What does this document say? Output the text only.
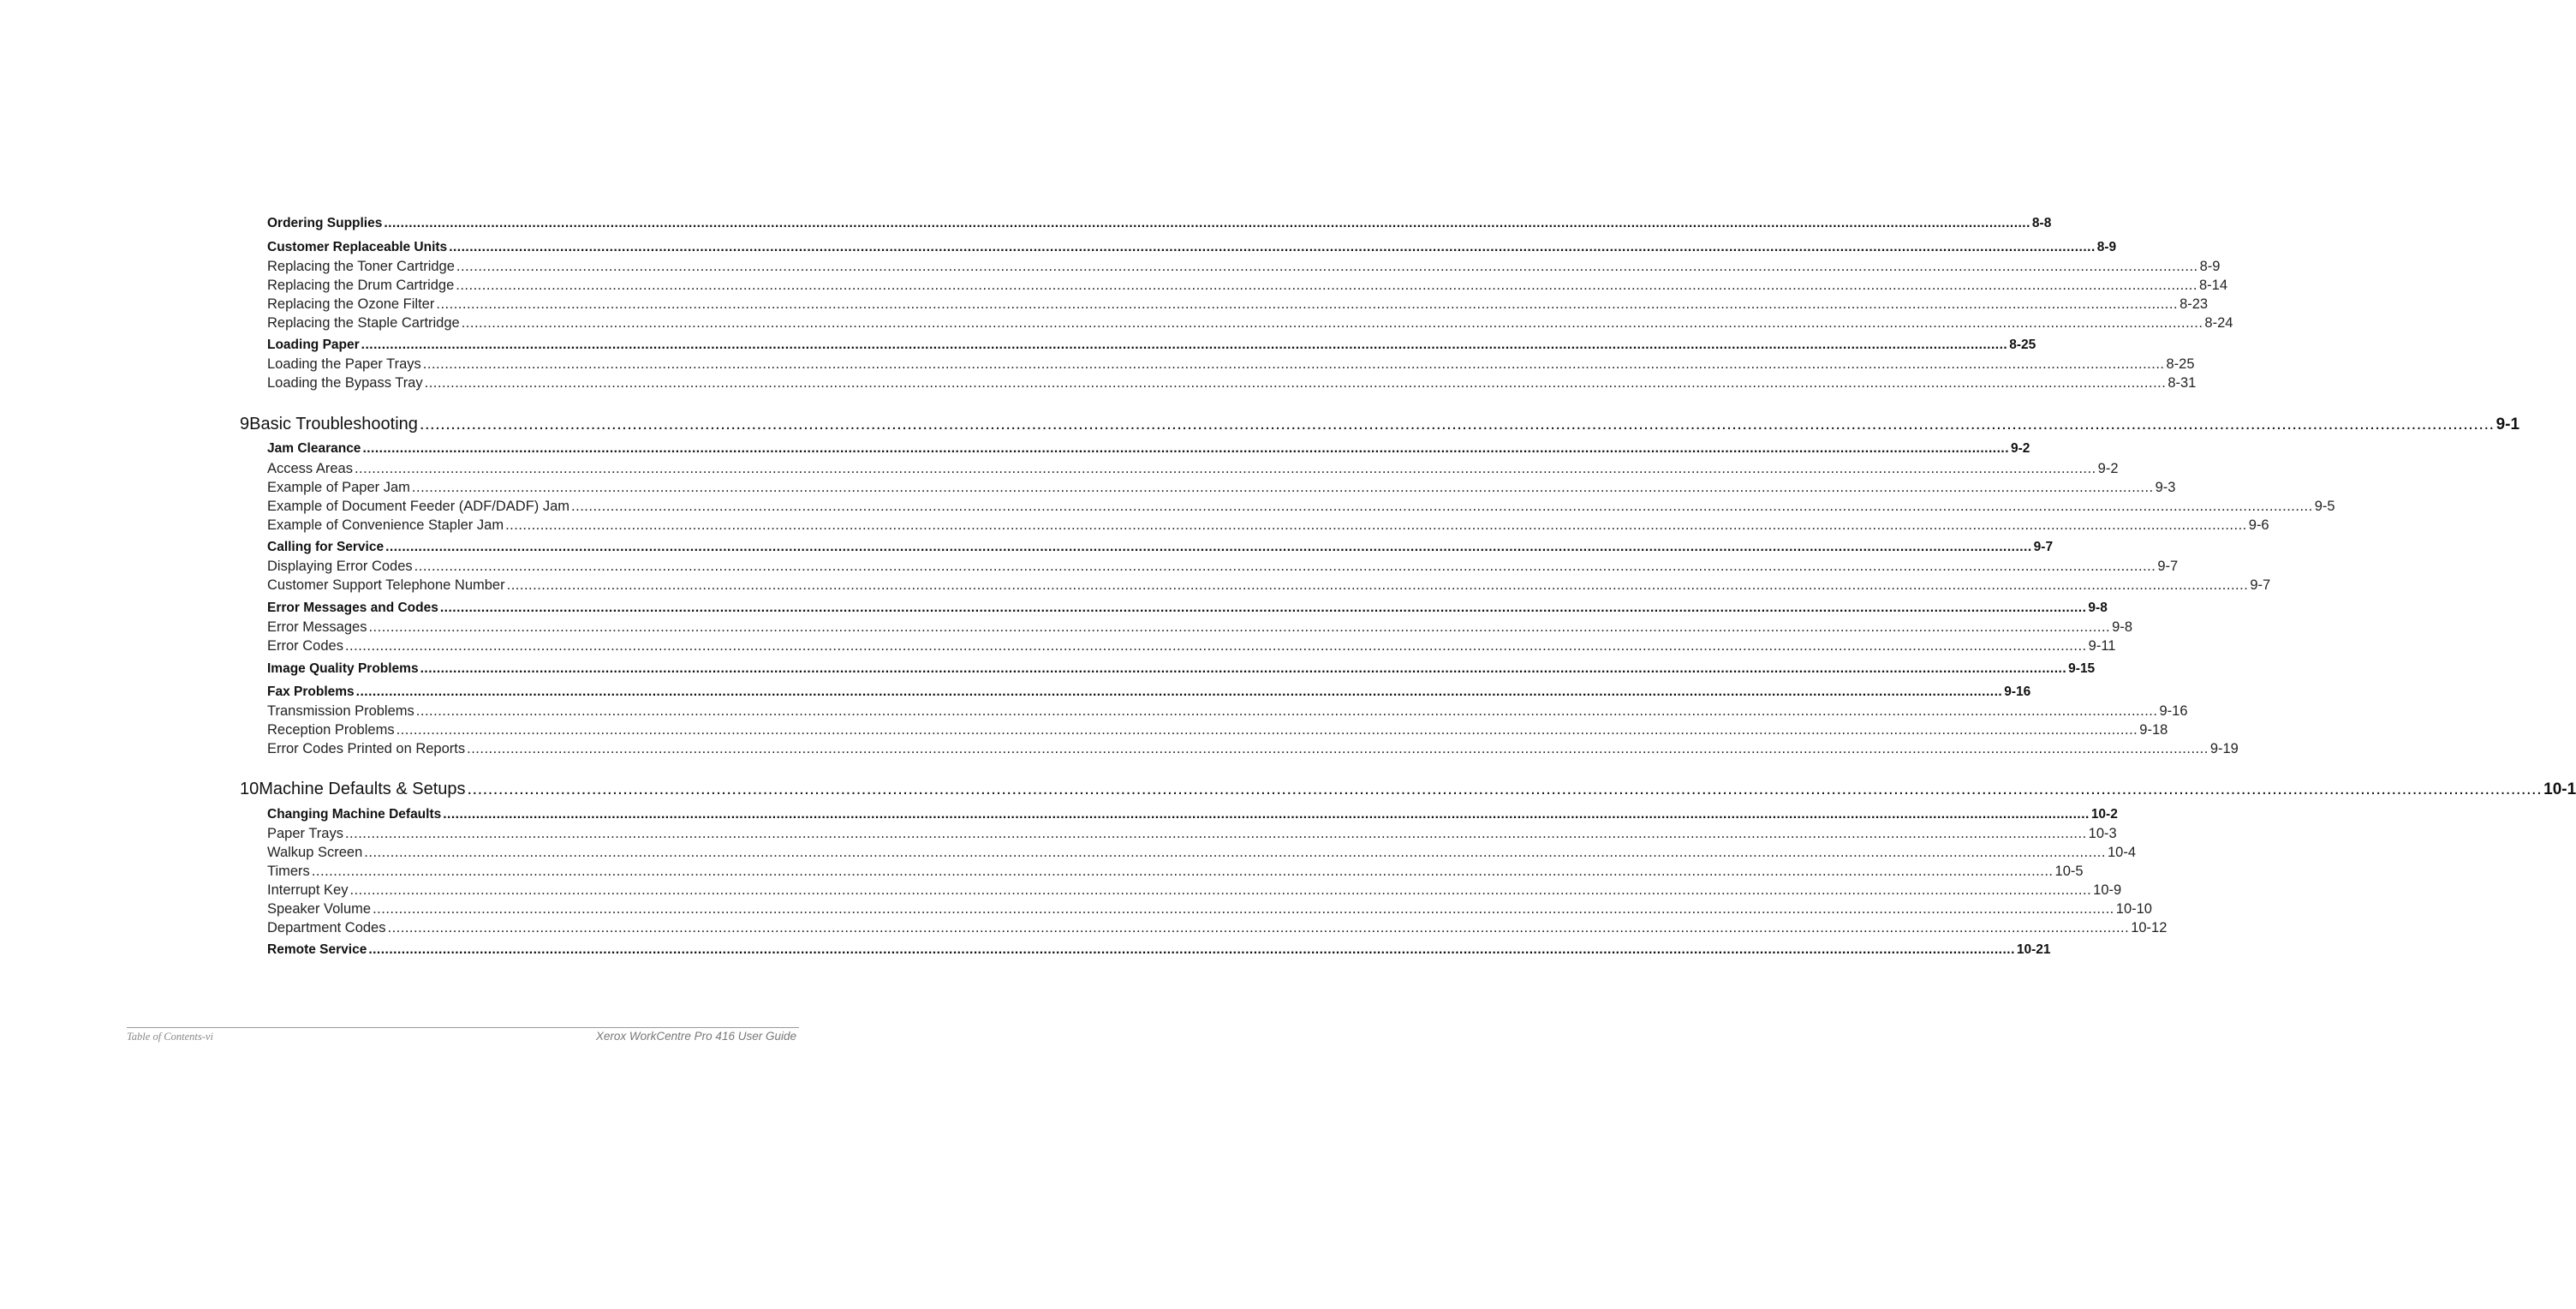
Ordering Supplies ................................................................................................................................................................................................................................................................................................................................................................................................................ 8-8
Customer Replaceable Units ................................................................................................................................................................................................................................................................................................................................................................................................................ 8-9
Replacing the Toner Cartridge ................................................................................................................................................................................................................................................................................................................................................................................................................ 8-9
Replacing the Drum Cartridge ................................................................................................................................................................................................................................................................................................................................................................................................................ 8-14
Replacing the Ozone Filter ................................................................................................................................................................................................................................................................................................................................................................................................................ 8-23
Replacing the Staple Cartridge ................................................................................................................................................................................................................................................................................................................................................................................................................ 8-24
Loading Paper ................................................................................................................................................................................................................................................................................................................................................................................................................ 8-25
Loading the Paper Trays ................................................................................................................................................................................................................................................................................................................................................................................................................ 8-25
Loading the Bypass Tray ................................................................................................................................................................................................................................................................................................................................................................................................................ 8-31
9 Basic Troubleshooting ................................................................................................................................................................................................................................................................................................................................................................................................................ 9-1
Jam Clearance ................................................................................................................................................................................................................................................................................................................................................................................................................ 9-2
Access Areas ................................................................................................................................................................................................................................................................................................................................................................................................................ 9-2
Example of Paper Jam ................................................................................................................................................................................................................................................................................................................................................................................................................ 9-3
Example of Document Feeder (ADF/DADF) Jam ................................................................................................................................................................................................................................................................................................................................................................................................................ 9-5
Example of Convenience Stapler Jam ................................................................................................................................................................................................................................................................................................................................................................................................................ 9-6
Calling for Service ................................................................................................................................................................................................................................................................................................................................................................................................................ 9-7
Displaying Error Codes ................................................................................................................................................................................................................................................................................................................................................................................................................ 9-7
Customer Support Telephone Number ................................................................................................................................................................................................................................................................................................................................................................................................................ 9-7
Error Messages and Codes ................................................................................................................................................................................................................................................................................................................................................................................................................ 9-8
Error Messages ................................................................................................................................................................................................................................................................................................................................................................................................................ 9-8
Error Codes ................................................................................................................................................................................................................................................................................................................................................................................................................ 9-11
Image Quality Problems ................................................................................................................................................................................................................................................................................................................................................................................................................ 9-15
Fax Problems ................................................................................................................................................................................................................................................................................................................................................................................................................ 9-16
Transmission Problems ................................................................................................................................................................................................................................................................................................................................................................................................................ 9-16
Reception Problems ................................................................................................................................................................................................................................................................................................................................................................................................................ 9-18
Error Codes Printed on Reports ................................................................................................................................................................................................................................................................................................................................................................................................................ 9-19
10 Machine Defaults & Setups ................................................................................................................................................................................................................................................................................................................................................................................................................ 10-1
Changing Machine Defaults ................................................................................................................................................................................................................................................................................................................................................................................................................ 10-2
Paper Trays ................................................................................................................................................................................................................................................................................................................................................................................................................ 10-3
Walkup Screen ................................................................................................................................................................................................................................................................................................................................................................................................................ 10-4
Timers ................................................................................................................................................................................................................................................................................................................................................................................................................ 10-5
Interrupt Key ................................................................................................................................................................................................................................................................................................................................................................................................................ 10-9
Speaker Volume ................................................................................................................................................................................................................................................................................................................................................................................................................ 10-10
Department Codes ................................................................................................................................................................................................................................................................................................................................................................................................................ 10-12
Remote Service ................................................................................................................................................................................................................................................................................................................................................................................................................ 10-21
Table of Contents-vi	Xerox WorkCentre Pro 416 User Guide
